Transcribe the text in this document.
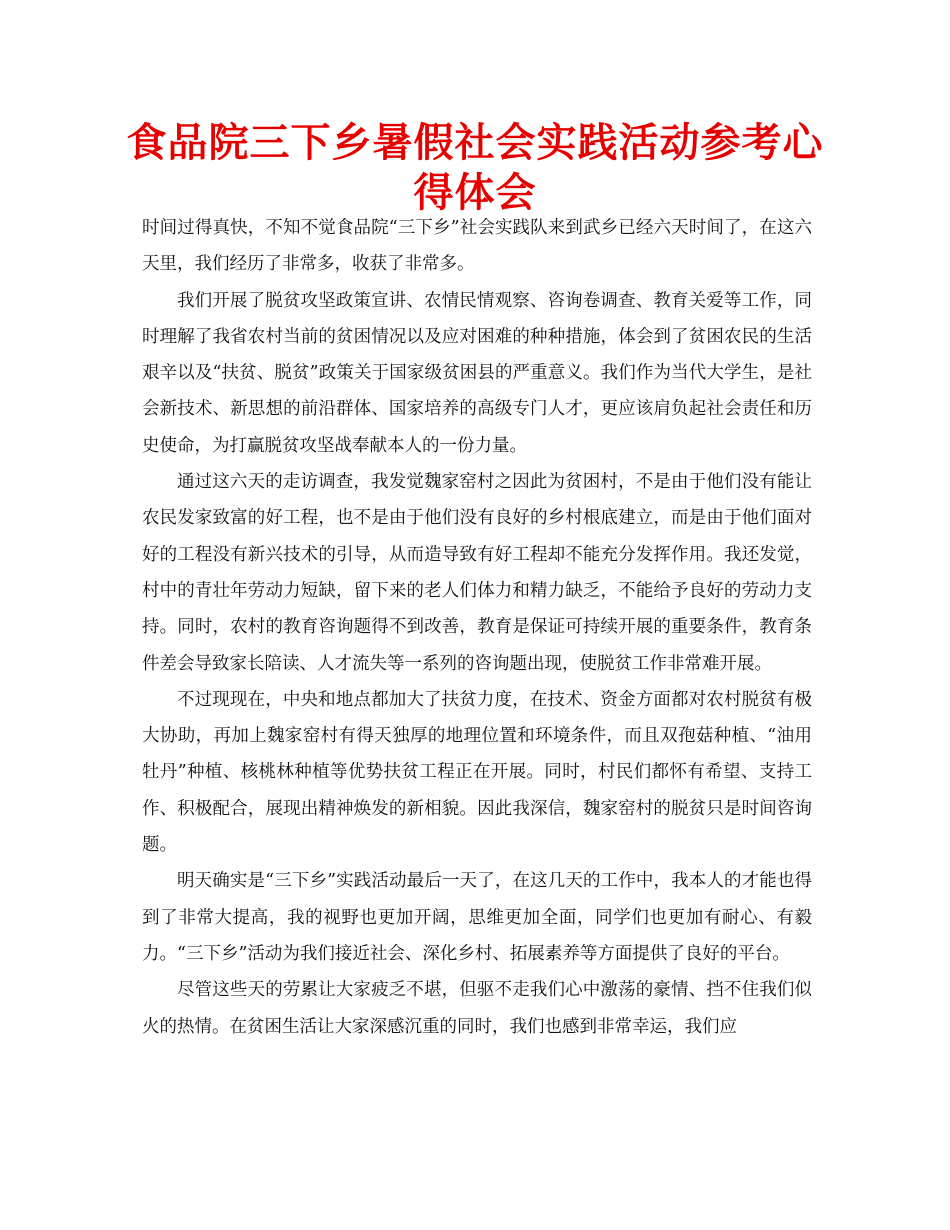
食品院三下乡暑假社会实践活动参考心得体会

时间过得真快，不知不觉食品院“三下乡”社会实践队来到武乡已经六天时间了，在这六天里，我们经历了非常多，收获了非常多。

我们开展了脱贫攻坚政策宣讲、农情民情观察、咨询卷调查、教育关爱等工作，同时理解了我省农村当前的贫困情况以及应对困难的种种措施，体会到了贫困农民的生活艰辛以及“扶贫、脱贫”政策关于国家级贫困县的严重意义。我们作为当代大学生，是社会新技术、新思想的前沿群体、国家培养的高级专门人才，更应该肩负起社会责任和历史使命，为打赢脱贫攻坚战奉献本人的一份力量。

通过这六天的走访调查，我发觉魏家窑村之因此为贫困村，不是由于他们没有能让农民发家致富的好工程，也不是由于他们没有良好的乡村根底建立，而是由于他们面对好的工程没有新兴技术的引导，从而造导致有好工程却不能充分发挥作用。我还发觉，村中的青壮年劳动力短缺，留下来的老人们体力和精力缺乏，不能给予良好的劳动力支持。同时，农村的教育咨询题得不到改善，教育是保证可持续开展的重要条件，教育条件差会导致家长陪读、人才流失等一系列的咨询题出现，使脱贫工作非常难开展。

不过现现在，中央和地点都加大了扶贫力度，在技术、资金方面都对农村脱贫有极大协助，再加上魏家窑村有得天独厚的地理位置和环境条件，而且双孢菇种植、“油用牡丹”种植、核桃林种植等优势扶贫工程正在开展。同时，村民们都怀有希望、支持工作、积极配合，展现出精神焕发的新相貌。因此我深信，魏家窑村的脱贫只是时间咨询题。

明天确实是“三下乡”实践活动最后一天了，在这几天的工作中，我本人的才能也得到了非常大提高，我的视野也更加开阔，思维更加全面，同学们也更加有耐心、有毅力。“三下乡”活动为我们接近社会、深化乡村、拓展素养等方面提供了良好的平台。

尽管这些天的劳累让大家疲乏不堪，但驱不走我们心中激荡的豪情、挡不住我们似火的热情。在贫困生活让大家深感沉重的同时，我们也感到非常幸运，我们应
